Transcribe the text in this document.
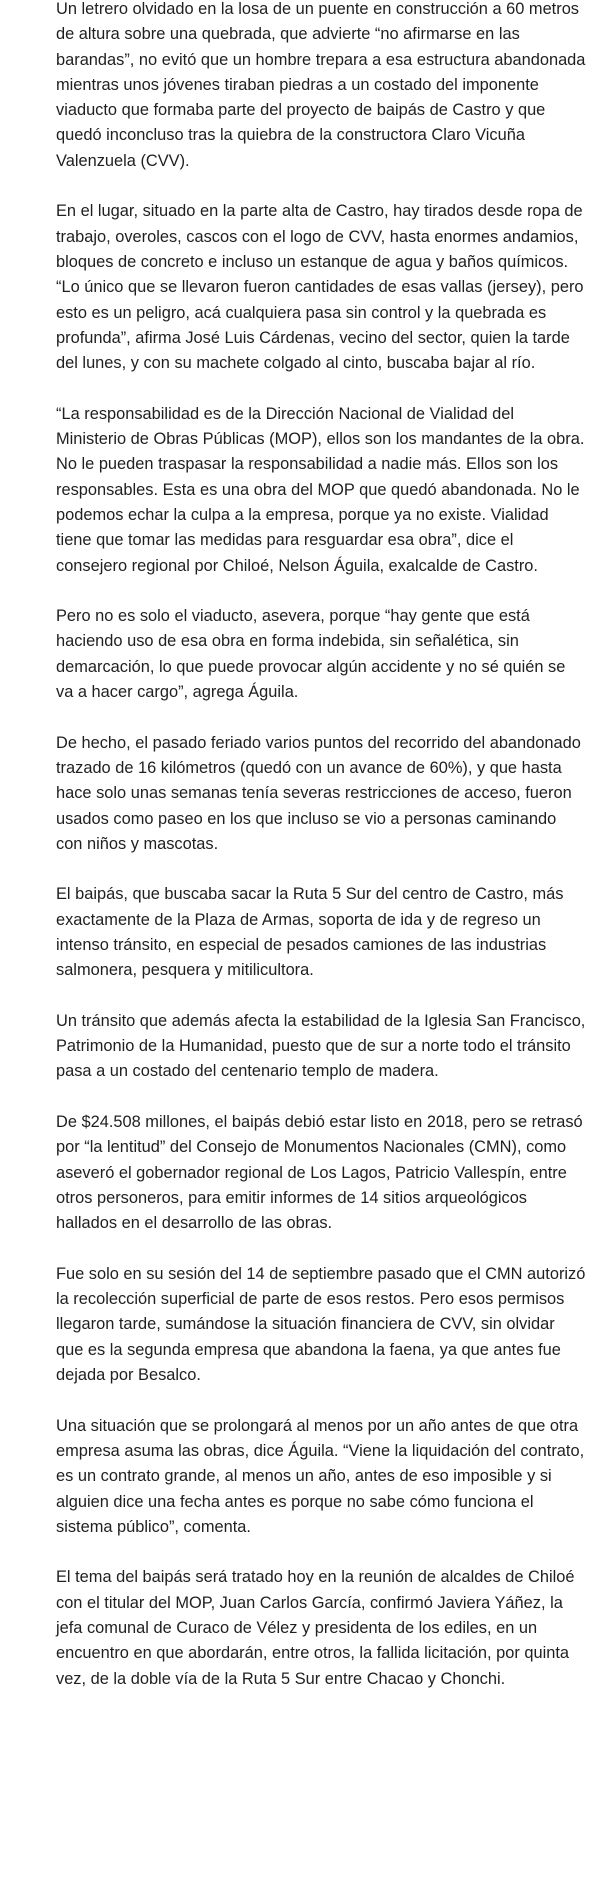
Un letrero olvidado en la losa de un puente en construcción a 60 metros de altura sobre una quebrada, que advierte “no afirmarse en las barandas”, no evitó que un hombre trepara a esa estructura abandonada mientras unos jóvenes tiraban piedras a un costado del imponente viaducto que formaba parte del proyecto de baipás de Castro y que quedó inconcluso tras la quiebra de la constructora Claro Vicuña Valenzuela (CVV).

En el lugar, situado en la parte alta de Castro, hay tirados desde ropa de trabajo, overoles, cascos con el logo de CVV, hasta enormes andamios, bloques de concreto e incluso un estanque de agua y baños químicos. “Lo único que se llevaron fueron cantidades de esas vallas (jersey), pero esto es un peligro, acá cualquiera pasa sin control y la quebrada es profunda”, afirma José Luis Cárdenas, vecino del sector, quien la tarde del lunes, y con su machete colgado al cinto, buscaba bajar al río.

“La responsabilidad es de la Dirección Nacional de Vialidad del Ministerio de Obras Públicas (MOP), ellos son los mandantes de la obra. No le pueden traspasar la responsabilidad a nadie más. Ellos son los responsables. Esta es una obra del MOP que quedó abandonada. No le podemos echar la culpa a la empresa, porque ya no existe. Vialidad tiene que tomar las medidas para resguardar esa obra”, dice el consejero regional por Chiloé, Nelson Águila, exalcalde de Castro.

Pero no es solo el viaducto, asevera, porque “hay gente que está haciendo uso de esa obra en forma indebida, sin señalética, sin demarcación, lo que puede provocar algún accidente y no sé quién se va a hacer cargo”, agrega Águila.

De hecho, el pasado feriado varios puntos del recorrido del abandonado trazado de 16 kilómetros (quedó con un avance de 60%), y que hasta hace solo unas semanas tenía severas restricciones de acceso, fueron usados como paseo en los que incluso se vio a personas caminando con niños y mascotas.

El baipás, que buscaba sacar la Ruta 5 Sur del centro de Castro, más exactamente de la Plaza de Armas, soporta de ida y de regreso un intenso tránsito, en especial de pesados camiones de las industrias salmonera, pesquera y mitilicultora.

Un tránsito que además afecta la estabilidad de la Iglesia San Francisco, Patrimonio de la Humanidad, puesto que de sur a norte todo el tránsito pasa a un costado del centenario templo de madera.

De $24.508 millones, el baipás debió estar listo en 2018, pero se retrasó por “la lentitud” del Consejo de Monumentos Nacionales (CMN), como aseveró el gobernador regional de Los Lagos, Patricio Vallespín, entre otros personeros, para emitir informes de 14 sitios arqueológicos hallados en el desarrollo de las obras.

Fue solo en su sesión del 14 de septiembre pasado que el CMN autorizó la recolección superficial de parte de esos restos. Pero esos permisos llegaron tarde, sumándose la situación financiera de CVV, sin olvidar que es la segunda empresa que abandona la faena, ya que antes fue dejada por Besalco.

Una situación que se prolongará al menos por un año antes de que otra empresa asuma las obras, dice Águila. “Viene la liquidación del contrato, es un contrato grande, al menos un año, antes de eso imposible y si alguien dice una fecha antes es porque no sabe cómo funciona el sistema público”, comenta.

El tema del baipás será tratado hoy en la reunión de alcaldes de Chiloé con el titular del MOP, Juan Carlos García, confirmó Javiera Yáñez, la jefa comunal de Curaco de Vélez y presidenta de los ediles, en un encuentro en que abordarán, entre otros, la fallida licitación, por quinta vez, de la doble vía de la Ruta 5 Sur entre Chacao y Chonchi.
